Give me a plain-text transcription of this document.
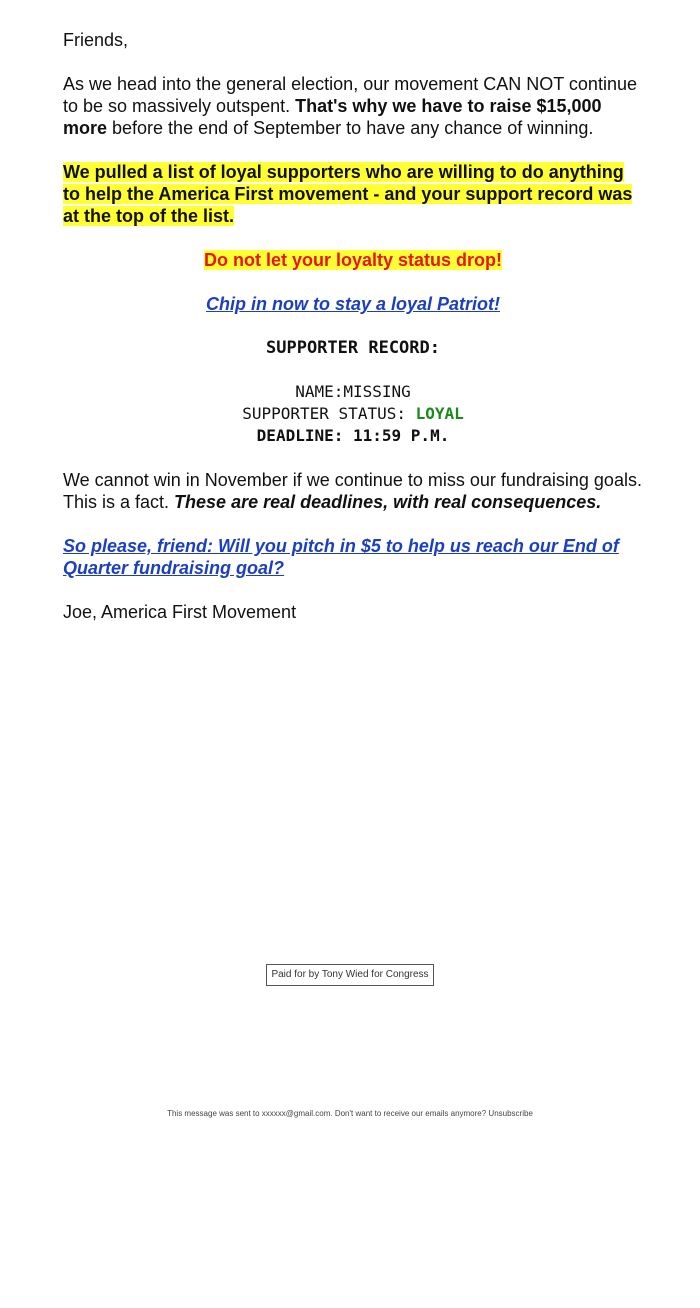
Friends,

As we head into the general election, our movement CAN NOT continue to be so massively outspent. That's why we have to raise $15,000 more before the end of September to have any chance of winning.

We pulled a list of loyal supporters who are willing to do anything to help the America First movement - and your support record was at the top of the list.

Do not let your loyalty status drop!

Chip in now to stay a loyal Patriot!

SUPPORTER RECORD:

NAME:MISSING
SUPPORTER STATUS: LOYAL
DEADLINE: 11:59 P.M.

We cannot win in November if we continue to miss our fundraising goals. This is a fact. These are real deadlines, with real consequences.

So please, friend: Will you pitch in $5 to help us reach our End of Quarter fundraising goal?

Joe, America First Movement

Paid for by Tony Wied for Congress
This message was sent to xxxxxx@gmail.com. Don't want to receive our emails anymore? Unsubscribe
